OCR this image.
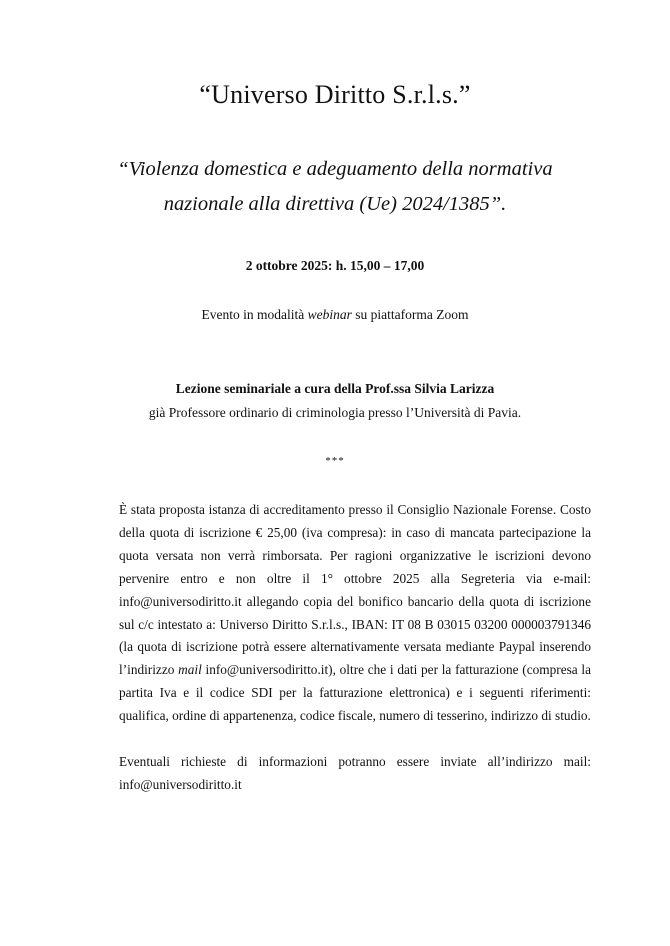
“Universo Diritto S.r.l.s.”
“Violenza domestica e adeguamento della normativa nazionale alla direttiva (Ue) 2024/1385”.
2 ottobre 2025: h. 15,00 – 17,00
Evento in modalità webinar su piattaforma Zoom
Lezione seminariale a cura della Prof.ssa Silvia Larizza
già Professore ordinario di criminologia presso l’Università di Pavia.
***
È stata proposta istanza di accreditamento presso il Consiglio Nazionale Forense. Costo della quota di iscrizione € 25,00 (iva compresa): in caso di mancata partecipazione la quota versata non verrà rimborsata. Per ragioni organizzative le iscrizioni devono pervenire entro e non oltre il 1° ottobre 2025 alla Segreteria via e-mail: info@universodiritto.it allegando copia del bonifico bancario della quota di iscrizione sul c/c intestato a: Universo Diritto S.r.l.s., IBAN: IT 08 B 03015 03200 000003791346 (la quota di iscrizione potrà essere alternativamente versata mediante Paypal inserendo l’indirizzo mail info@universodiritto.it), oltre che i dati per la fatturazione (compresa la partita Iva e il codice SDI per la fatturazione elettronica) e i seguenti riferimenti: qualifica, ordine di appartenenza, codice fiscale, numero di tesserino, indirizzo di studio.
Eventuali richieste di informazioni potranno essere inviate all’indirizzo mail: info@universodiritto.it
